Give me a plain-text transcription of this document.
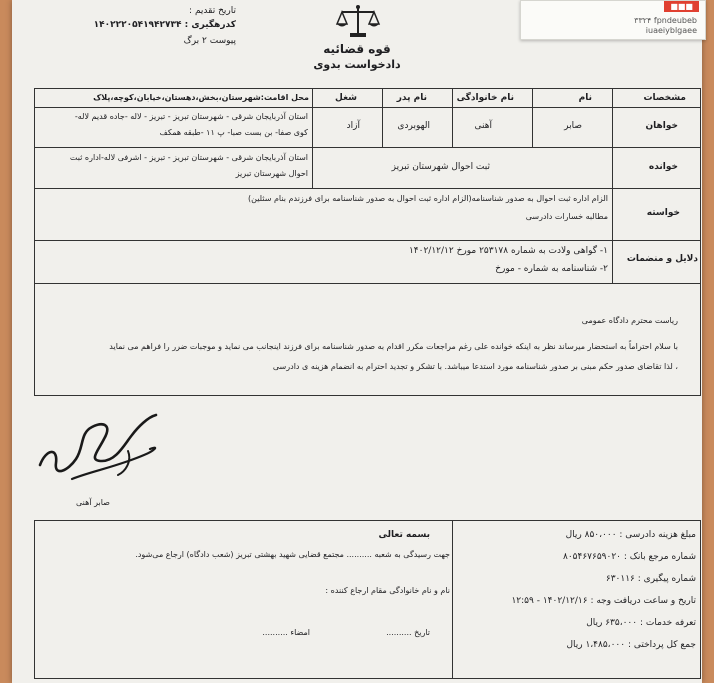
تاریخ تقدیم :
کدرهگیری : ۱۴۰۲۲۲۰۵۴۱۹۴۲۷۳۴
پیوست ۲ برگ
قوه قضائیه
دادخواست بدوی
مشخصات
نام
نام خانوادگی
نام پدر
شغل
محل اقامت:شهرستان،بخش،دهستان،خیابان،کوچه،پلاک
خواهان
صابر
آهنی
الهوبردی
آزاد
استان آذربایجان شرقی - شهرستان تبریز - تبریز - لاله -جاده قدیم لاله-
کوی صفا- بن بست صبا- پ ۱۱ -طبقه همکف
خوانده
ثبت احوال شهرستان تبریز
استان آذربایجان شرقی - شهرستان تبریز - تبریز - اشرفی لاله-اداره ثبت
احوال شهرستان تبریز
خواسته
الزام اداره ثبت احوال به صدور شناسنامه(الزام اداره ثبت احوال به صدور شناسنامه برای فرزندم بنام سثلین)
مطالبه خسارات دادرسی
دلایل و منضمات
۱- گواهی ولادت به شماره ۲۵۳۱۷۸ مورخ ۱۴۰۲/۱۲/۱۲
۲- شناسنامه به شماره - مورخ
ریاست محترم دادگاه عمومی
با سلام احتراماً به استحضار میرساند نظر به اینکه خوانده علی رغم مراجعات مکرر اقدام به صدور شناسنامه برای فرزند اینجانب می نماید و موجبات ضرر را فراهم می نماید
، لذا تقاضای صدور حکم مبنی بر صدور شناسنامه مورد استدعا میباشد. با تشکر و تجدید احترام به انضمام هزینه ی دادرسی
صابر آهنی
بسمه تعالی
جهت رسیدگی به شعبه .......... مجتمع قضایی شهید بهشتی تبریز (شعب دادگاه) ارجاع می‌شود.
نام و نام خانوادگی مقام ارجاع کننده :
تاریخ ..........
امضاء ..........
مبلغ هزینه دادرسی : ۸۵۰،۰۰۰ ریال
شماره مرجع بانک : ۸۰۵۴۶۷۶۵۹۰۲۰
شماره پیگیری : ۶۳۰۱۱۶
تاریخ و ساعت دریافت وجه : ۱۴۰۲/۱۲/۱۶ - ۱۲:۵۹
تعرفه خدمات : ۶۳۵،۰۰۰ ریال
جمع کل پرداختی : ۱،۴۸۵،۰۰۰ ریال
■■■
۳۳۲۴ fpndeubeb
iuaeiyblgaee
